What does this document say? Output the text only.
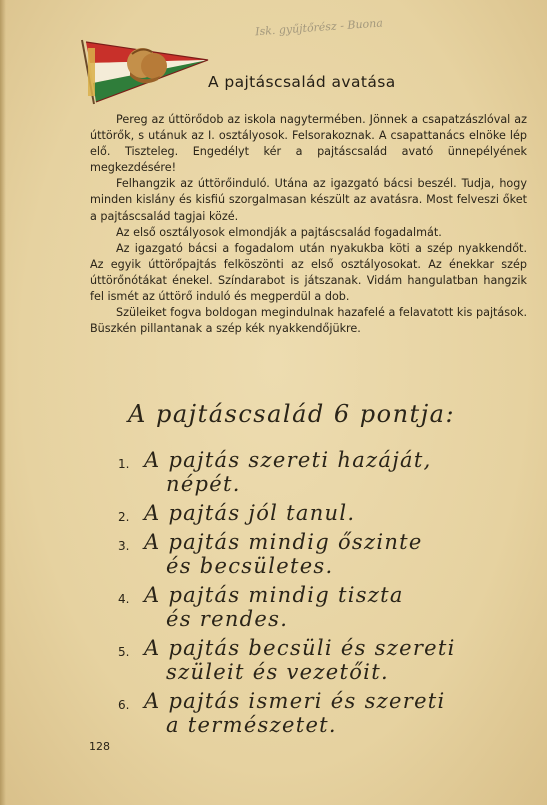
Isk. gyűjtőrész - Buona
A pajtáscsalád avatása

Pereg az úttörődob az iskola nagytermében. Jönnek a csapatzászlóval az úttörők, s utánuk az I. osztályosok. Felsorakoznak. A csapattanács elnöke lép elő. Tiszteleg. Engedélyt kér a pajtáscsalád avató ünnepélyének megkezdésére!

Felhangzik az úttörőinduló. Utána az igazgató bácsi beszél. Tudja, hogy minden kislány és kisfiú szorgalmasan készült az avatásra. Most felveszi őket a pajtáscsalád tagjai közé.

Az első osztályosok elmondják a pajtáscsalád fogadalmát.

Az igazgató bácsi a fogadalom után nyakukba köti a szép nyakkendőt. Az egyik úttörőpajtás felköszönti az első osztályosokat. Az énekkar szép úttörőnótákat énekel. Színdarabot is játszanak. Vidám hangulatban hangzik fel ismét az úttörő induló és megperdül a dob.

Szüleiket fogva boldogan megindulnak hazafelé a felavatott kis pajtások. Büszkén pillantanak a szép kék nyakkendőjükre.

A pajtáscsalád 6 pontja:
1. A pajtás szereti hazáját,
népét.
2. A pajtás jól tanul.
3. A pajtás mindig őszinte
és becsületes.
4. A pajtás mindig tiszta
és rendes.
5. A pajtás becsüli és szereti
szüleit és vezetőit.
6. A pajtás ismeri és szereti
a természetet.
128
